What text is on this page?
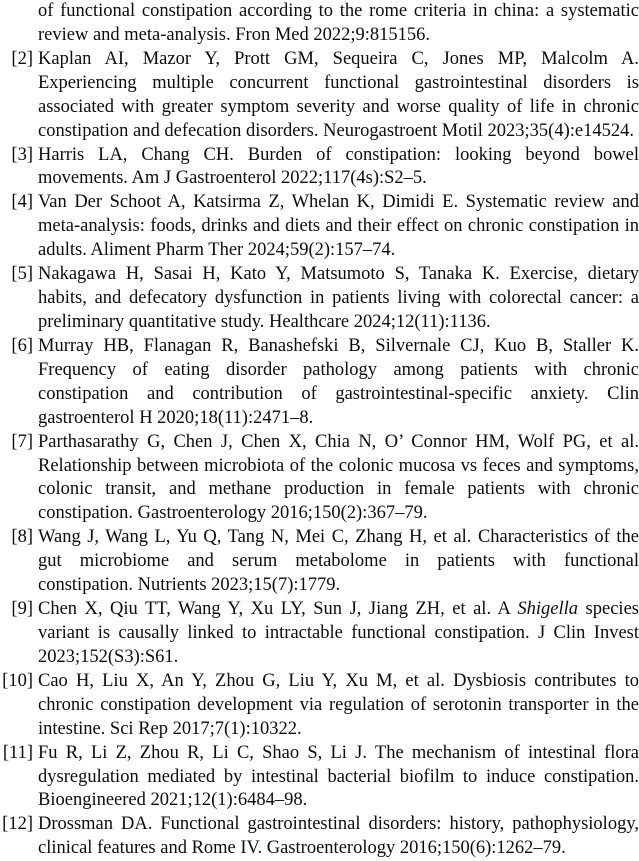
of functional constipation according to the rome criteria in china: a systematic
review and meta-analysis. Fron Med 2022;9:815156.
[2] Kaplan AI, Mazor Y, Prott GM, Sequeira C, Jones MP, Malcolm A.
Experiencing multiple concurrent functional gastrointestinal disorders is
associated with greater symptom severity and worse quality of life in chronic
constipation and defecation disorders. Neurogastroent Motil 2023;35(4):e14524.
[3] Harris LA, Chang CH. Burden of constipation: looking beyond bowel
movements. Am J Gastroenterol 2022;117(4s):S2–5.
[4] Van Der Schoot A, Katsirma Z, Whelan K, Dimidi E. Systematic review and
meta-analysis: foods, drinks and diets and their effect on chronic constipation in
adults. Aliment Pharm Ther 2024;59(2):157–74.
[5] Nakagawa H, Sasai H, Kato Y, Matsumoto S, Tanaka K. Exercise, dietary
habits, and defecatory dysfunction in patients living with colorectal cancer: a
preliminary quantitative study. Healthcare 2024;12(11):1136.
[6] Murray HB, Flanagan R, Banashefski B, Silvernale CJ, Kuo B, Staller K.
Frequency of eating disorder pathology among patients with chronic
constipation and contribution of gastrointestinal-specific anxiety. Clin
gastroenterol H 2020;18(11):2471–8.
[7] Parthasarathy G, Chen J, Chen X, Chia N, O’ Connor HM, Wolf PG, et al.
Relationship between microbiota of the colonic mucosa vs feces and symptoms,
colonic transit, and methane production in female patients with chronic
constipation. Gastroenterology 2016;150(2):367–79.
[8] Wang J, Wang L, Yu Q, Tang N, Mei C, Zhang H, et al. Characteristics of the
gut microbiome and serum metabolome in patients with functional
constipation. Nutrients 2023;15(7):1779.
[9] Chen X, Qiu TT, Wang Y, Xu LY, Sun J, Jiang ZH, et al. A Shigella species
variant is causally linked to intractable functional constipation. J Clin Invest
2023;152(S3):S61.
[10] Cao H, Liu X, An Y, Zhou G, Liu Y, Xu M, et al. Dysbiosis contributes to
chronic constipation development via regulation of serotonin transporter in the
intestine. Sci Rep 2017;7(1):10322.
[11] Fu R, Li Z, Zhou R, Li C, Shao S, Li J. The mechanism of intestinal flora
dysregulation mediated by intestinal bacterial biofilm to induce constipation.
Bioengineered 2021;12(1):6484–98.
[12] Drossman DA. Functional gastrointestinal disorders: history, pathophysiology,
clinical features and Rome IV. Gastroenterology 2016;150(6):1262–79.
